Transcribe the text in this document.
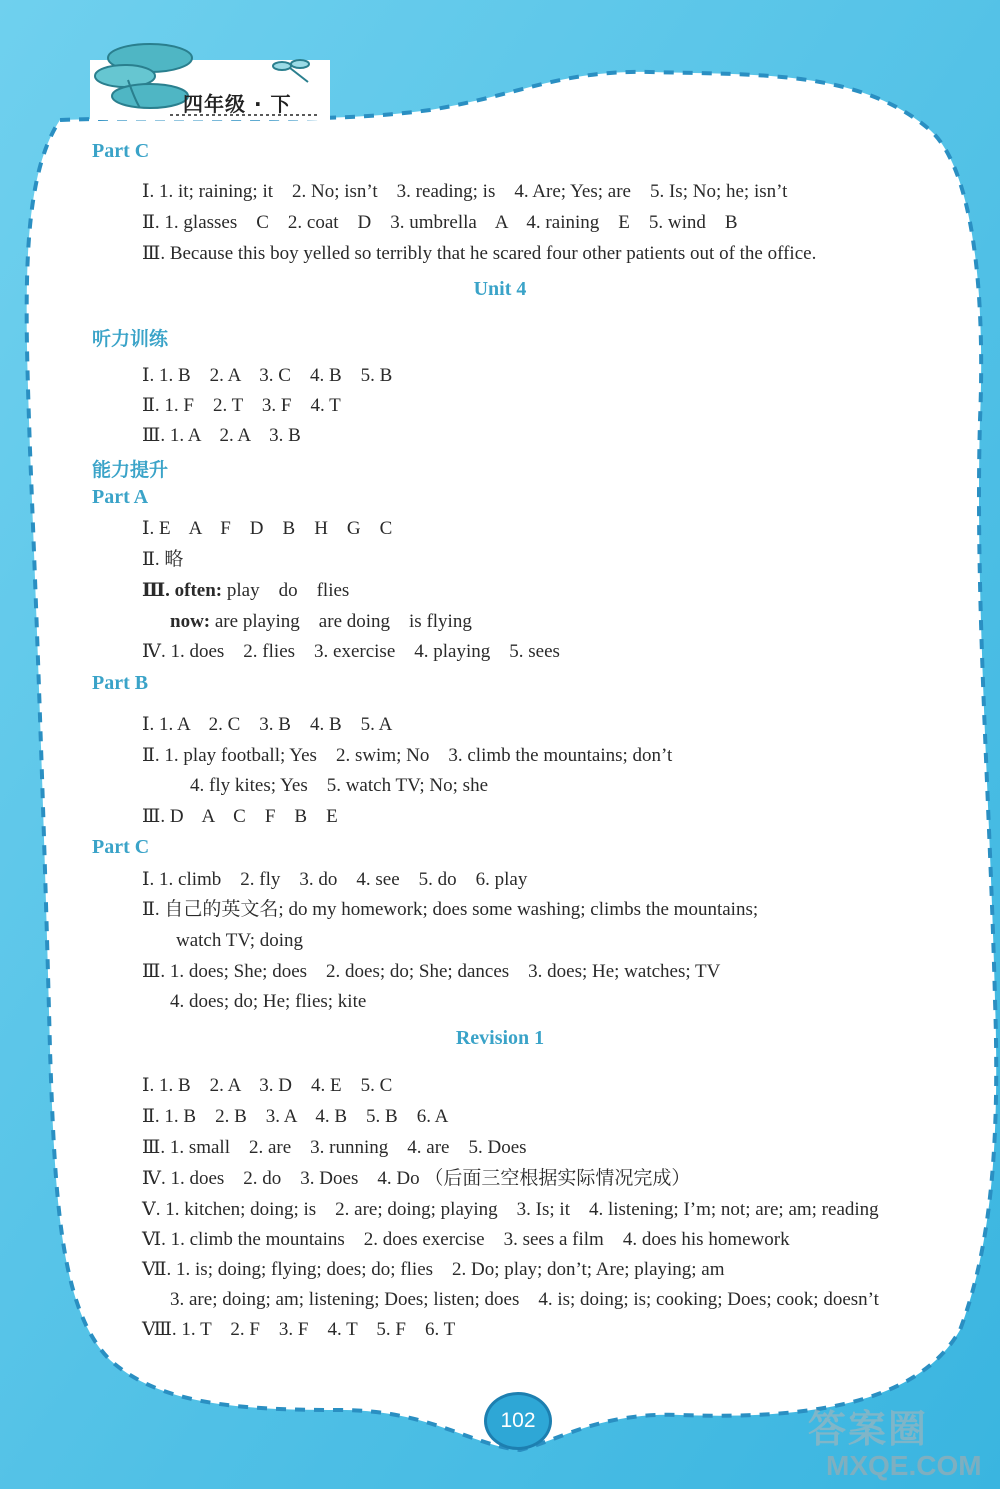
四年级 · 下
Part C
Ⅰ. 1. it; raining; it    2. No; isn’t    3. reading; is    4. Are; Yes; are    5. Is; No; he; isn’t
Ⅱ. 1. glasses    C    2. coat    D    3. umbrella    A    4. raining    E    5. wind    B
Ⅲ. Because this boy yelled so terribly that he scared four other patients out of the office.
Unit 4
听力训练
Ⅰ. 1. B    2. A    3. C    4. B    5. B
Ⅱ. 1. F    2. T    3. F    4. T
Ⅲ. 1. A    2. A    3. B
能力提升
Part A
Ⅰ. E    A    F    D    B    H    G    C
Ⅱ. 略
Ⅲ. often: play    do    flies
now: are playing    are doing    is flying
Ⅳ. 1. does    2. flies    3. exercise    4. playing    5. sees
Part B
Ⅰ. 1. A    2. C    3. B    4. B    5. A
Ⅱ. 1. play football; Yes    2. swim; No    3. climb the mountains; don’t
4. fly kites; Yes    5. watch TV; No; she
Ⅲ. D    A    C    F    B    E
Part C
Ⅰ. 1. climb    2. fly    3. do    4. see    5. do    6. play
Ⅱ. 自己的英文名; do my homework; does some washing; climbs the mountains;
watch TV; doing
Ⅲ. 1. does; She; does    2. does; do; She; dances    3. does; He; watches; TV
4. does; do; He; flies; kite
Revision 1
Ⅰ. 1. B    2. A    3. D    4. E    5. C
Ⅱ. 1. B    2. B    3. A    4. B    5. B    6. A
Ⅲ. 1. small    2. are    3. running    4. are    5. Does
Ⅳ. 1. does    2. do    3. Does    4. Do （后面三空根据实际情况完成）
Ⅴ. 1. kitchen; doing; is    2. are; doing; playing    3. Is; it    4. listening; I’m; not; are; am; reading
Ⅵ. 1. climb the mountains    2. does exercise    3. sees a film    4. does his homework
Ⅶ. 1. is; doing; flying; does; do; flies    2. Do; play; don’t; Are; playing; am
3. are; doing; am; listening; Does; listen; does    4. is; doing; is; cooking; Does; cook; doesn’t
Ⅷ. 1. T    2. F    3. F    4. T    5. F    6. T
102	答案圈
MXQE.COM
